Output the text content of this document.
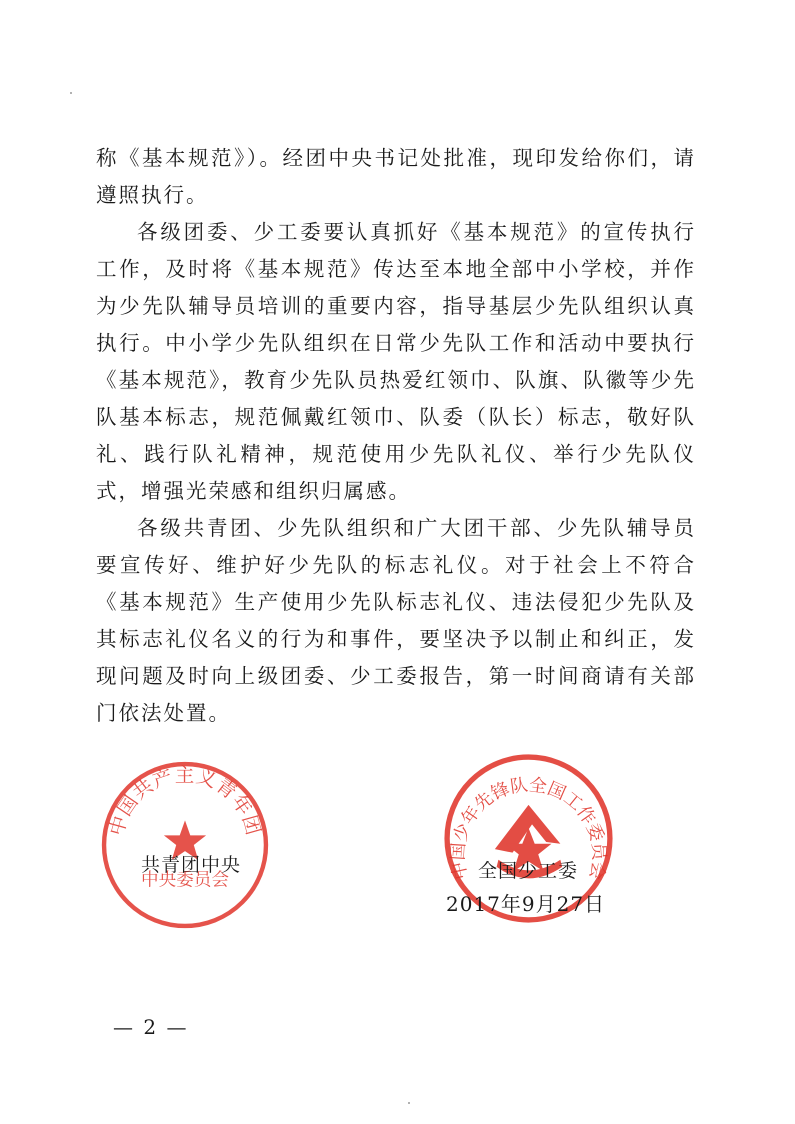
称《基本规范》）。经团中央书记处批准，现印发给你们，请遵照执行。

各级团委、少工委要认真抓好《基本规范》的宣传执行工作，及时将《基本规范》传达至本地全部中小学校，并作为少先队辅导员培训的重要内容，指导基层少先队组织认真执行。中小学少先队组织在日常少先队工作和活动中要执行《基本规范》，教育少先队员热爱红领巾、队旗、队徽等少先队基本标志，规范佩戴红领巾、队委（队长）标志，敬好队礼、践行队礼精神，规范使用少先队礼仪、举行少先队仪式，增强光荣感和组织归属感。

各级共青团、少先队组织和广大团干部、少先队辅导员要宣传好、维护好少先队的标志礼仪。对于社会上不符合《基本规范》生产使用少先队标志礼仪、违法侵犯少先队及其标志礼仪名义的行为和事件，要坚决予以制止和纠正，发现问题及时向上级团委、少工委报告，第一时间商请有关部门依法处置。

中国共产主义青年团
中央委员会	中国少年先锋队全国工作委员会
共青团中央	全国少工委
2017年9月27日
— 2 —
